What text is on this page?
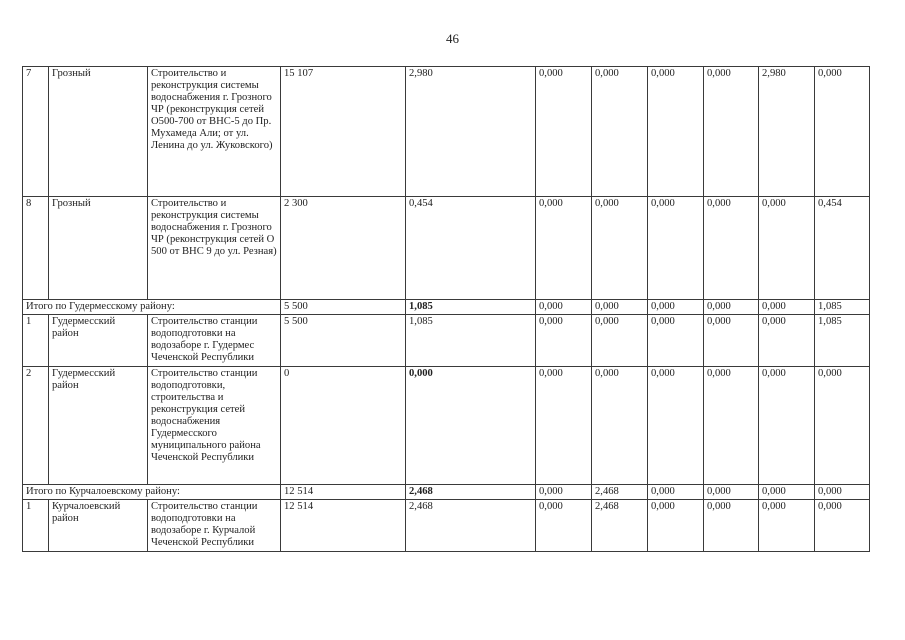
46
7	Грозный	Строительство и реконструкция системы водоснабжения г. Грозного ЧР (реконструкция сетей О500-700 от ВНС-5 до Пр. Мухамеда Али; от ул. Ленина до ул. Жуковского)	15 107	2,980	0,000	0,000	0,000	0,000	2,980	0,000
8	Грозный	Строительство и реконструкция системы водоснабжения г. Грозного ЧР (реконструкция сетей О 500 от ВНС 9 до ул. Резная)	2 300	0,454	0,000	0,000	0,000	0,000	0,000	0,454
Итого по Гудермесскому району:			5 500	1,085	0,000	0,000	0,000	0,000	0,000	1,085
1	Гудермесский район	Строительство станции водоподготовки на водозаборе г. Гудермес Чеченской Республики	5 500	1,085	0,000	0,000	0,000	0,000	0,000	1,085
2	Гудермесский район	Строительство станции водоподготовки, строительства и реконструкция сетей водоснабжения Гудермесского муниципального района Чеченской Республики	0	0,000	0,000	0,000	0,000	0,000	0,000	0,000
Итого по Курчалоевскому району:			12 514	2,468	0,000	2,468	0,000	0,000	0,000	0,000
1	Курчалоевский район	Строительство станции водоподготовки на водозаборе г. Курчалой Чеченской Республики	12 514	2,468	0,000	2,468	0,000	0,000	0,000	0,000
